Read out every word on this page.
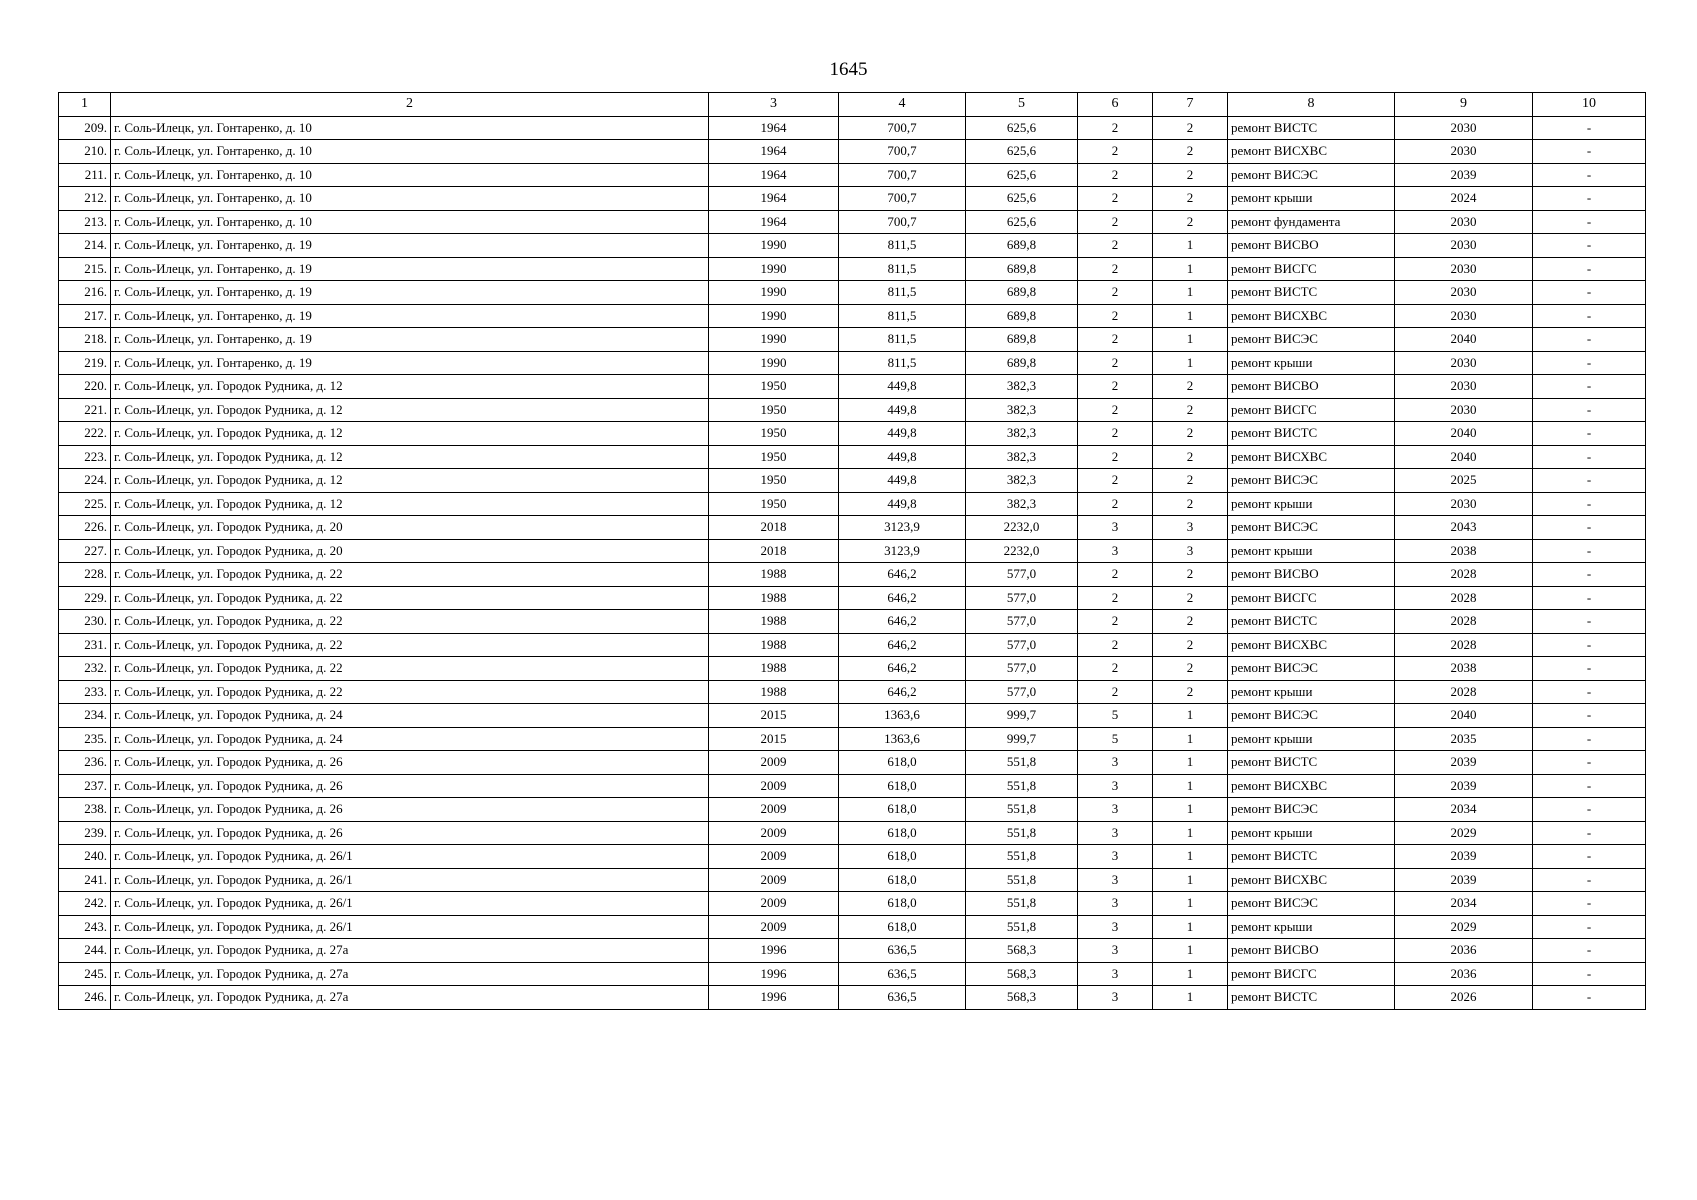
1645
1	2	3	4	5	6	7	8	9	10
209.	г. Соль-Илецк, ул. Гонтаренко, д. 10	1964	700,7	625,6	2	2	ремонт ВИСТС	2030	-
210.	г. Соль-Илецк, ул. Гонтаренко, д. 10	1964	700,7	625,6	2	2	ремонт ВИСХВС	2030	-
211.	г. Соль-Илецк, ул. Гонтаренко, д. 10	1964	700,7	625,6	2	2	ремонт ВИСЭС	2039	-
212.	г. Соль-Илецк, ул. Гонтаренко, д. 10	1964	700,7	625,6	2	2	ремонт крыши	2024	-
213.	г. Соль-Илецк, ул. Гонтаренко, д. 10	1964	700,7	625,6	2	2	ремонт фундамента	2030	-
214.	г. Соль-Илецк, ул. Гонтаренко, д. 19	1990	811,5	689,8	2	1	ремонт ВИСВО	2030	-
215.	г. Соль-Илецк, ул. Гонтаренко, д. 19	1990	811,5	689,8	2	1	ремонт ВИСГС	2030	-
216.	г. Соль-Илецк, ул. Гонтаренко, д. 19	1990	811,5	689,8	2	1	ремонт ВИСТС	2030	-
217.	г. Соль-Илецк, ул. Гонтаренко, д. 19	1990	811,5	689,8	2	1	ремонт ВИСХВС	2030	-
218.	г. Соль-Илецк, ул. Гонтаренко, д. 19	1990	811,5	689,8	2	1	ремонт ВИСЭС	2040	-
219.	г. Соль-Илецк, ул. Гонтаренко, д. 19	1990	811,5	689,8	2	1	ремонт крыши	2030	-
220.	г. Соль-Илецк, ул. Городок Рудника, д. 12	1950	449,8	382,3	2	2	ремонт ВИСВО	2030	-
221.	г. Соль-Илецк, ул. Городок Рудника, д. 12	1950	449,8	382,3	2	2	ремонт ВИСГС	2030	-
222.	г. Соль-Илецк, ул. Городок Рудника, д. 12	1950	449,8	382,3	2	2	ремонт ВИСТС	2040	-
223.	г. Соль-Илецк, ул. Городок Рудника, д. 12	1950	449,8	382,3	2	2	ремонт ВИСХВС	2040	-
224.	г. Соль-Илецк, ул. Городок Рудника, д. 12	1950	449,8	382,3	2	2	ремонт ВИСЭС	2025	-
225.	г. Соль-Илецк, ул. Городок Рудника, д. 12	1950	449,8	382,3	2	2	ремонт крыши	2030	-
226.	г. Соль-Илецк, ул. Городок Рудника, д. 20	2018	3123,9	2232,0	3	3	ремонт ВИСЭС	2043	-
227.	г. Соль-Илецк, ул. Городок Рудника, д. 20	2018	3123,9	2232,0	3	3	ремонт крыши	2038	-
228.	г. Соль-Илецк, ул. Городок Рудника, д. 22	1988	646,2	577,0	2	2	ремонт ВИСВО	2028	-
229.	г. Соль-Илецк, ул. Городок Рудника, д. 22	1988	646,2	577,0	2	2	ремонт ВИСГС	2028	-
230.	г. Соль-Илецк, ул. Городок Рудника, д. 22	1988	646,2	577,0	2	2	ремонт ВИСТС	2028	-
231.	г. Соль-Илецк, ул. Городок Рудника, д. 22	1988	646,2	577,0	2	2	ремонт ВИСХВС	2028	-
232.	г. Соль-Илецк, ул. Городок Рудника, д. 22	1988	646,2	577,0	2	2	ремонт ВИСЭС	2038	-
233.	г. Соль-Илецк, ул. Городок Рудника, д. 22	1988	646,2	577,0	2	2	ремонт крыши	2028	-
234.	г. Соль-Илецк, ул. Городок Рудника, д. 24	2015	1363,6	999,7	5	1	ремонт ВИСЭС	2040	-
235.	г. Соль-Илецк, ул. Городок Рудника, д. 24	2015	1363,6	999,7	5	1	ремонт крыши	2035	-
236.	г. Соль-Илецк, ул. Городок Рудника, д. 26	2009	618,0	551,8	3	1	ремонт ВИСТС	2039	-
237.	г. Соль-Илецк, ул. Городок Рудника, д. 26	2009	618,0	551,8	3	1	ремонт ВИСХВС	2039	-
238.	г. Соль-Илецк, ул. Городок Рудника, д. 26	2009	618,0	551,8	3	1	ремонт ВИСЭС	2034	-
239.	г. Соль-Илецк, ул. Городок Рудника, д. 26	2009	618,0	551,8	3	1	ремонт крыши	2029	-
240.	г. Соль-Илецк, ул. Городок Рудника, д. 26/1	2009	618,0	551,8	3	1	ремонт ВИСТС	2039	-
241.	г. Соль-Илецк, ул. Городок Рудника, д. 26/1	2009	618,0	551,8	3	1	ремонт ВИСХВС	2039	-
242.	г. Соль-Илецк, ул. Городок Рудника, д. 26/1	2009	618,0	551,8	3	1	ремонт ВИСЭС	2034	-
243.	г. Соль-Илецк, ул. Городок Рудника, д. 26/1	2009	618,0	551,8	3	1	ремонт крыши	2029	-
244.	г. Соль-Илецк, ул. Городок Рудника, д. 27а	1996	636,5	568,3	3	1	ремонт ВИСВО	2036	-
245.	г. Соль-Илецк, ул. Городок Рудника, д. 27а	1996	636,5	568,3	3	1	ремонт ВИСГС	2036	-
246.	г. Соль-Илецк, ул. Городок Рудника, д. 27а	1996	636,5	568,3	3	1	ремонт ВИСТС	2026	-
